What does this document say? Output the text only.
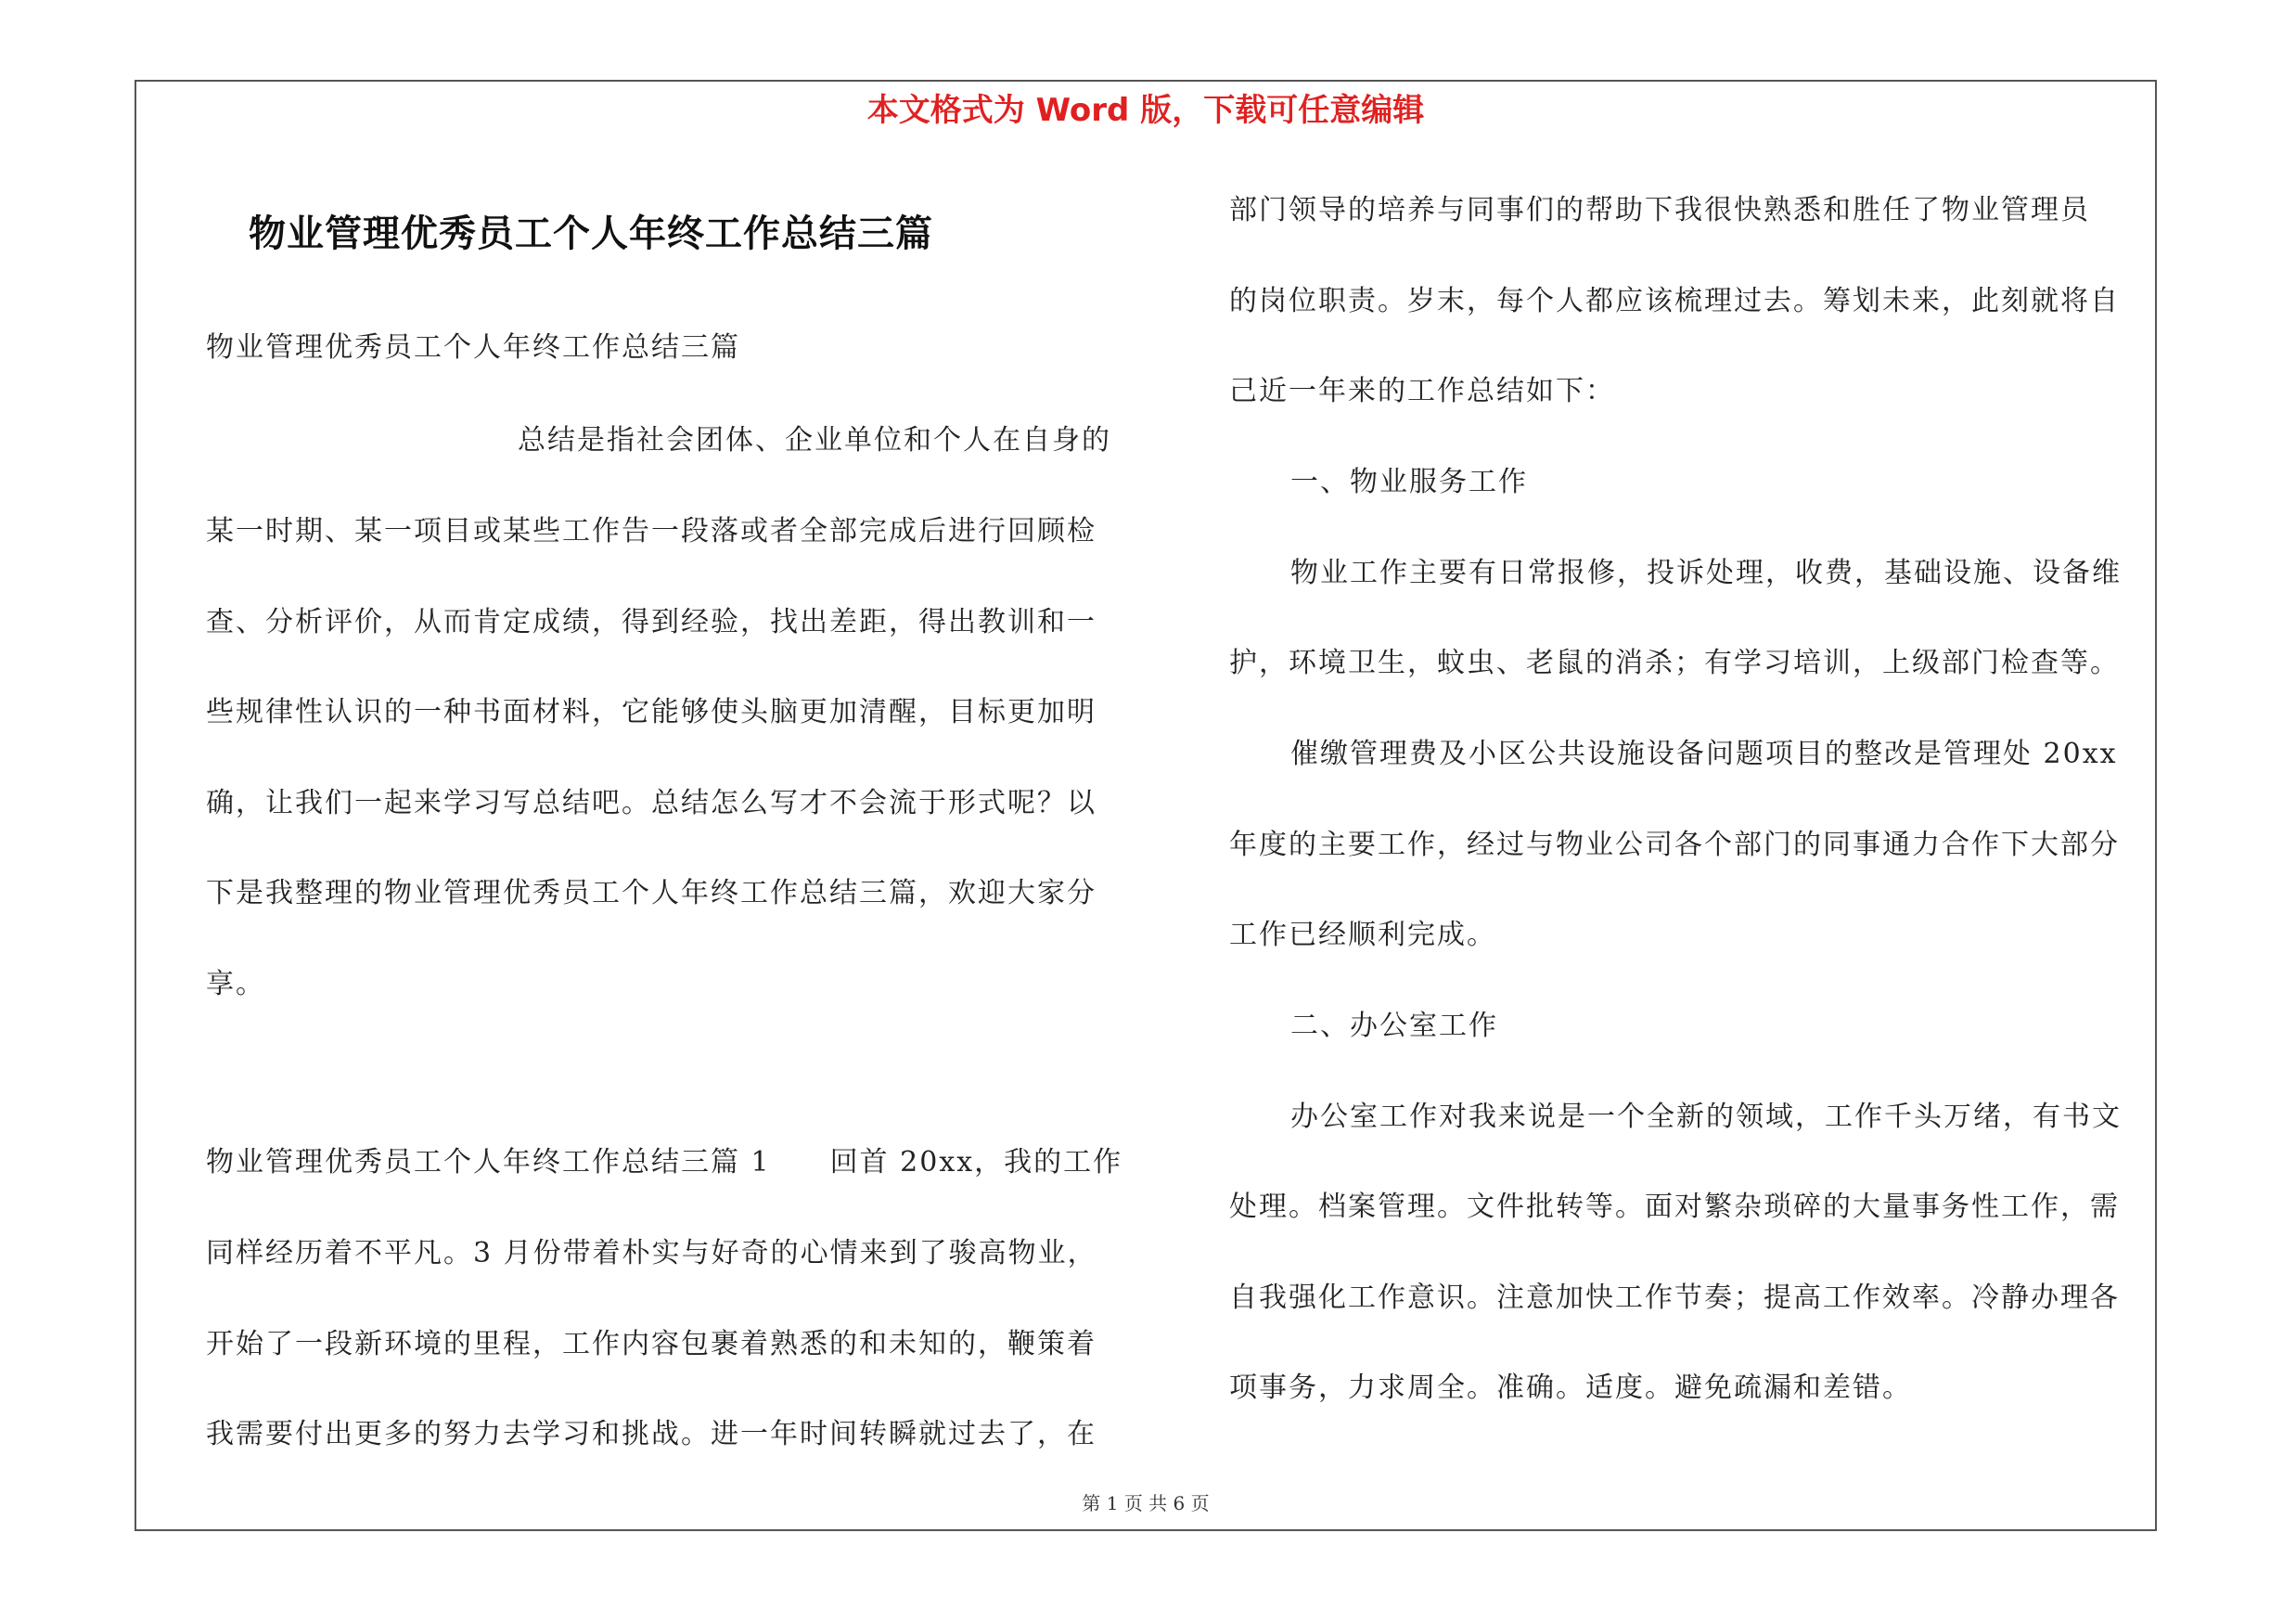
本文格式为 Word 版，下载可任意编辑
物业管理优秀员工个人年终工作总结三篇
物业管理优秀员工个人年终工作总结三篇
总结是指社会团体、企业单位和个人在自身的
某一时期、某一项目或某些工作告一段落或者全部完成后进行回顾检
查、分析评价，从而肯定成绩，得到经验，找出差距，得出教训和一
些规律性认识的一种书面材料，它能够使头脑更加清醒，目标更加明
确，让我们一起来学习写总结吧。总结怎么写才不会流于形式呢？以
下是我整理的物业管理优秀员工个人年终工作总结三篇，欢迎大家分
享。
物业管理优秀员工个人年终工作总结三篇 1　　回首 20xx，我的工作
同样经历着不平凡。3 月份带着朴实与好奇的心情来到了骏高物业，
开始了一段新环境的里程，工作内容包裹着熟悉的和未知的，鞭策着
我需要付出更多的努力去学习和挑战。进一年时间转瞬就过去了，在
部门领导的培养与同事们的帮助下我很快熟悉和胜任了物业管理员
的岗位职责。岁末，每个人都应该梳理过去。筹划未来，此刻就将自
己近一年来的工作总结如下：
一、物业服务工作
物业工作主要有日常报修，投诉处理，收费，基础设施、设备维
护，环境卫生，蚊虫、老鼠的消杀；有学习培训，上级部门检查等。
催缴管理费及小区公共设施设备问题项目的整改是管理处 20xx
年度的主要工作，经过与物业公司各个部门的同事通力合作下大部分
工作已经顺利完成。
二、办公室工作
办公室工作对我来说是一个全新的领域，工作千头万绪，有书文
处理。档案管理。文件批转等。面对繁杂琐碎的大量事务性工作，需
自我强化工作意识。注意加快工作节奏；提高工作效率。冷静办理各
项事务，力求周全。准确。适度。避免疏漏和差错。
第 1 页 共 6 页
